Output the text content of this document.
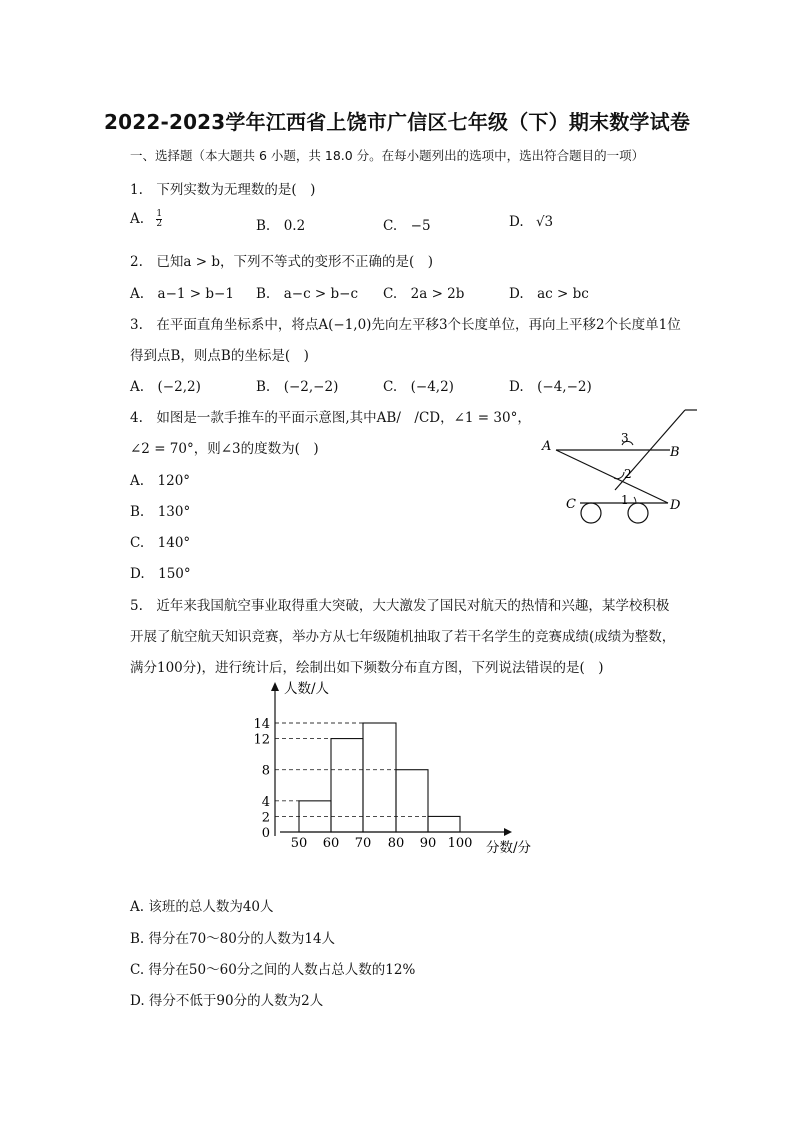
2022-2023学年江西省上饶市广信区七年级（下）期末数学试卷
一、选择题（本大题共 6 小题，共 18.0 分。在每小题列出的选项中，选出符合题目的一项）
1.　下列实数为无理数的是(　)
A. $\frac{1}{2}$	B.　0.2	C.　−5	D. √3
2.　已知a > b，下列不等式的变形不正确的是(　)
A.　a−1 > b−1 B.　a−c > b−c C.　2a > 2b	D.　ac > bc
3.　在平面直角坐标系中，将点A(−1,0)先向左平移3个长度单位，再向上平移2个长度单1位
得到点B，则点B的坐标是(　)
A.　(−2,2)	B.　(−2,−2)	C.　(−4,2)	D.　(−4,−2)
4.　如图是一款手推车的平面示意图,其中AB/　/CD，∠1 = 30°，
∠2 = 70°，则∠3的度数为(　)
A.　120°
B.　130°
C.　140°
D.　150°
A	B
C	D
1
2
3
5.　近年来我国航空事业取得重大突破，大大激发了国民对航天的热情和兴趣，某学校积极
开展了航空航天知识竞赛，举办方从七年级随机抽取了若干名学生的竞赛成绩(成绩为整数，
满分100分)，进行统计后，绘制出如下频数分布直方图，下列说法错误的是(　)
人数/人
分数/分
0
2
4
8
12
14
50 60 70 80 90 100
A. 该班的总人数为40人
B. 得分在70～80分的人数为14人
C. 得分在50～60分之间的人数占总人数的12%
D. 得分不低于90分的人数为2人
